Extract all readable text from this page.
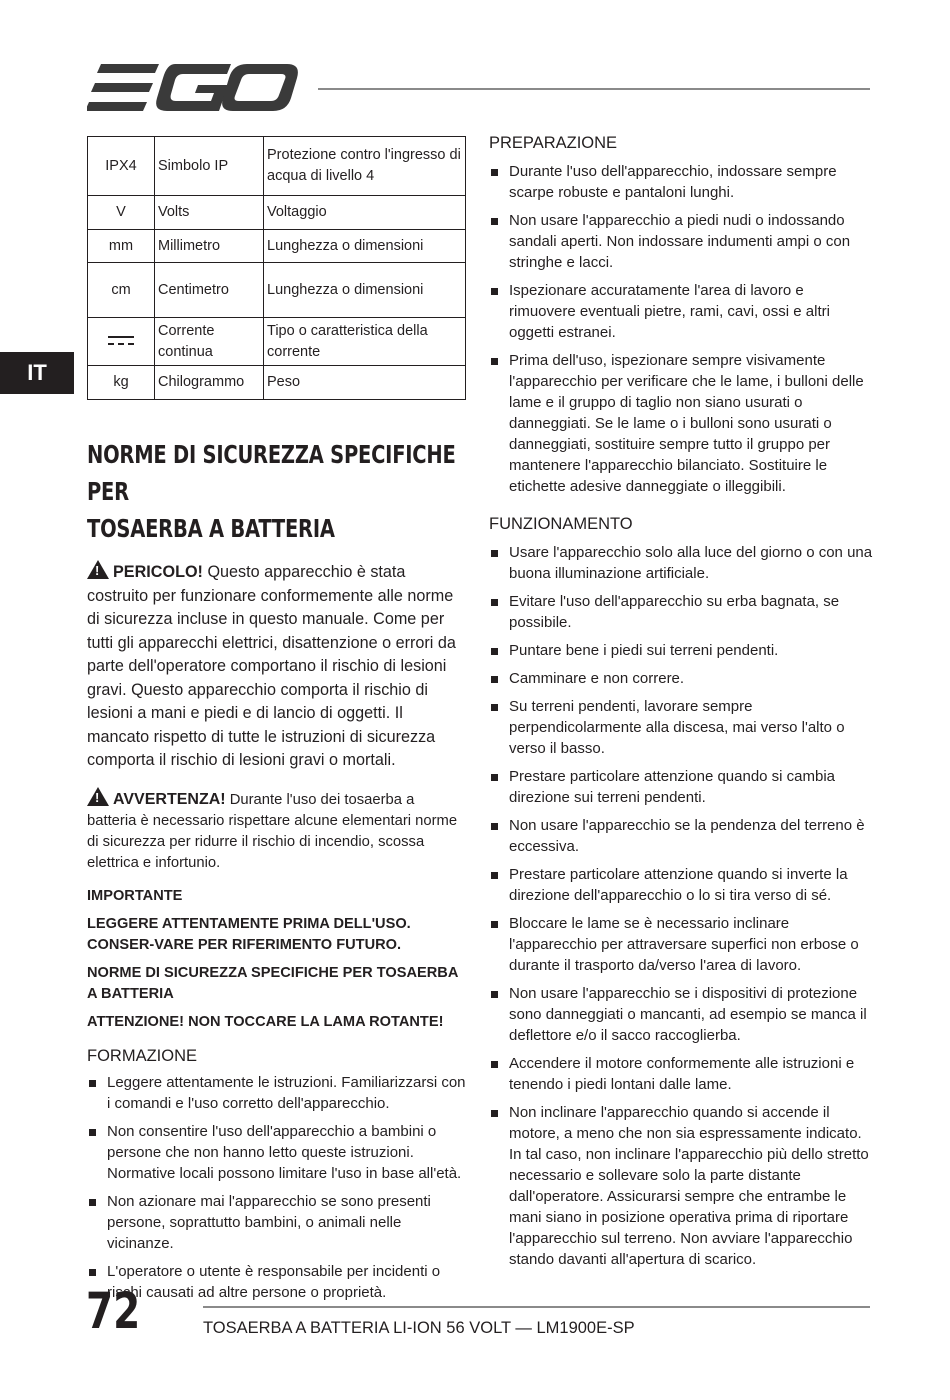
IT
IPX4	Simbolo IP	Protezione contro l'ingresso di acqua di livello 4
V	Volts	Voltaggio
mm	Millimetro	Lunghezza o dimensioni
cm	Centimetro	Lunghezza o dimensioni

	Corrente continua	Tipo o caratteristica della corrente
kg	Chilogrammo	Peso
NORME DI SICUREZZA SPECIFICHE PER
TOSAERBA A BATTERIA

!PERICOLO! Questo apparecchio è stata costruito per funzionare conformemente alle norme di sicurezza incluse in questo manuale. Come per tutti gli apparecchi elettrici, disattenzione o errori da parte dell'operatore comportano il rischio di lesioni gravi. Questo apparecchio comporta il rischio di lesioni a mani e piedi e di lancio di oggetti. Il mancato rispetto di tutte le istruzioni di sicurezza comporta il rischio di lesioni gravi o mortali.

!AVVERTENZA! Durante l'uso dei tosaerba a batteria è necessario rispettare alcune elementari norme di sicurezza per ridurre il rischio di incendio, scossa elettrica e infortunio.

IMPORTANTE

LEGGERE ATTENTAMENTE PRIMA DELL'USO. CONSER-VARE PER RIFERIMENTO FUTURO.

NORME DI SICUREZZA SPECIFICHE PER TOSAERBA A BATTERIA

ATTENZIONE! NON TOCCARE LA LAMA ROTANTE!

FORMAZIONE

Leggere attentamente le istruzioni. Familiarizzarsi con i comandi e l'uso corretto dell'apparecchio.
Non consentire l'uso dell'apparecchio a bambini o persone che non hanno letto queste istruzioni. Normative locali possono limitare l'uso in base all'età.
Non azionare mai l'apparecchio se sono presenti persone, soprattutto bambini, o animali nelle vicinanze.
L'operatore o utente è responsabile per incidenti o rischi causati ad altre persone o proprietà.

PREPARAZIONE

Durante l'uso dell'apparecchio, indossare sempre scarpe robuste e pantaloni lunghi.
Non usare l'apparecchio a piedi nudi o indossando sandali aperti. Non indossare indumenti ampi o con stringhe e lacci.
Ispezionare accuratamente l'area di lavoro e rimuovere eventuali pietre, rami, cavi, ossi e altri oggetti estranei.
Prima dell'uso, ispezionare sempre visivamente l'apparecchio per verificare che le lame, i bulloni delle lame e il gruppo di taglio non siano usurati o danneggiati. Se le lame o i bulloni sono usurati o danneggiati, sostituire sempre tutto il gruppo per mantenere l'apparecchio bilanciato. Sostituire le etichette adesive danneggiate o illeggibili.

FUNZIONAMENTO

Usare l'apparecchio solo alla luce del giorno o con una buona illuminazione artificiale.
Evitare l'uso dell'apparecchio su erba bagnata, se possibile.
Puntare bene i piedi sui terreni pendenti.
Camminare e non correre.
Su terreni pendenti, lavorare sempre perpendicolarmente alla discesa, mai verso l'alto o verso il basso.
Prestare particolare attenzione quando si cambia direzione sui terreni pendenti.
Non usare l'apparecchio se la pendenza del terreno è eccessiva.
Prestare particolare attenzione quando si inverte la direzione dell'apparecchio o lo si tira verso di sé.
Bloccare le lame se è necessario inclinare l'apparecchio per attraversare superfici non erbose o durante il trasporto da/verso l'area di lavoro.
Non usare l'apparecchio se i dispositivi di protezione sono danneggiati o mancanti, ad esempio se manca il deflettore e/o il sacco raccoglierba.
Accendere il motore conformemente alle istruzioni e tenendo i piedi lontani dalle lame.
Non inclinare l'apparecchio quando si accende il motore, a meno che non sia espressamente indicato. In tal caso, non inclinare l'apparecchio più dello stretto necessario e sollevare solo la parte distante dall'operatore. Assicurarsi sempre che entrambe le mani siano in posizione operativa prima di riportare l'apparecchio sul terreno. Non avviare l'apparecchio stando davanti all'apertura di scarico.
72	TOSAERBA A BATTERIA LI-ION 56 VOLT — LM1900E-SP
